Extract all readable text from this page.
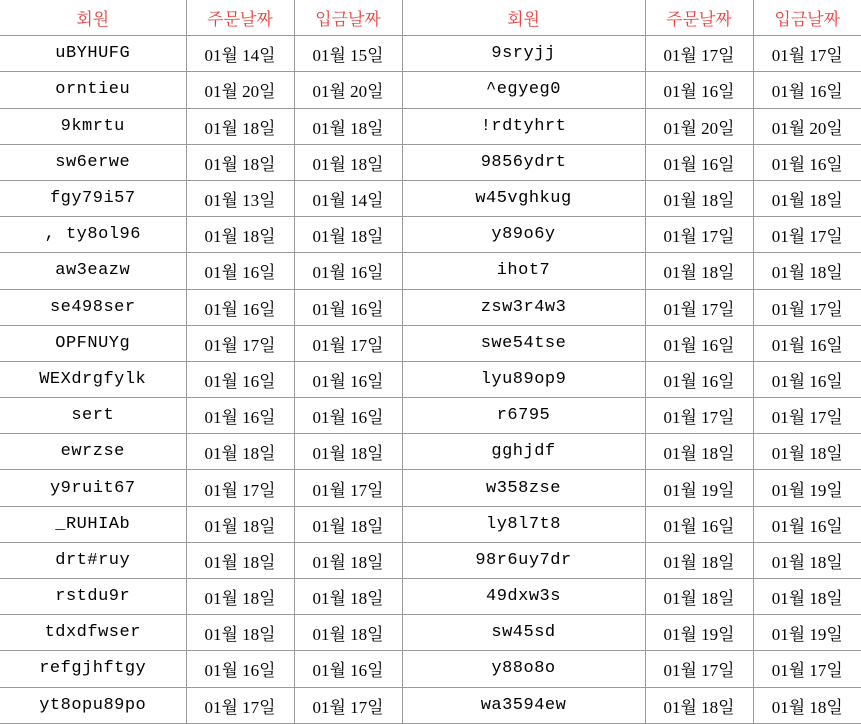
회원	주문날짜	입금날짜	회원	주문날짜	입금날짜
uBYHUFG	01월 14일	01월 15일	9sryjj	01월 17일	01월 17일
orntieu	01월 20일	01월 20일	^egyeg0	01월 16일	01월 16일
9kmrtu	01월 18일	01월 18일	!rdtyhrt	01월 20일	01월 20일
sw6erwe	01월 18일	01월 18일	9856ydrt	01월 16일	01월 16일
fgy79i57	01월 13일	01월 14일	w45vghkug	01월 18일	01월 18일
, ty8ol96	01월 18일	01월 18일	y89o6y	01월 17일	01월 17일
aw3eazw	01월 16일	01월 16일	ihot7	01월 18일	01월 18일
se498ser	01월 16일	01월 16일	zsw3r4w3	01월 17일	01월 17일
OPFNUYg	01월 17일	01월 17일	swe54tse	01월 16일	01월 16일
WEXdrgfylk	01월 16일	01월 16일	lyu89op9	01월 16일	01월 16일
sert	01월 16일	01월 16일	r6795	01월 17일	01월 17일
ewrzse	01월 18일	01월 18일	gghjdf	01월 18일	01월 18일
y9ruit67	01월 17일	01월 17일	w358zse	01월 19일	01월 19일
_RUHIAb	01월 18일	01월 18일	ly8l7t8	01월 16일	01월 16일
drt#ruy	01월 18일	01월 18일	98r6uy7dr	01월 18일	01월 18일
rstdu9r	01월 18일	01월 18일	49dxw3s	01월 18일	01월 18일
tdxdfwser	01월 18일	01월 18일	sw45sd	01월 19일	01월 19일
refgjhftgy	01월 16일	01월 16일	y88o8o	01월 17일	01월 17일
yt8opu89po	01월 17일	01월 17일	wa3594ew	01월 18일	01월 18일
